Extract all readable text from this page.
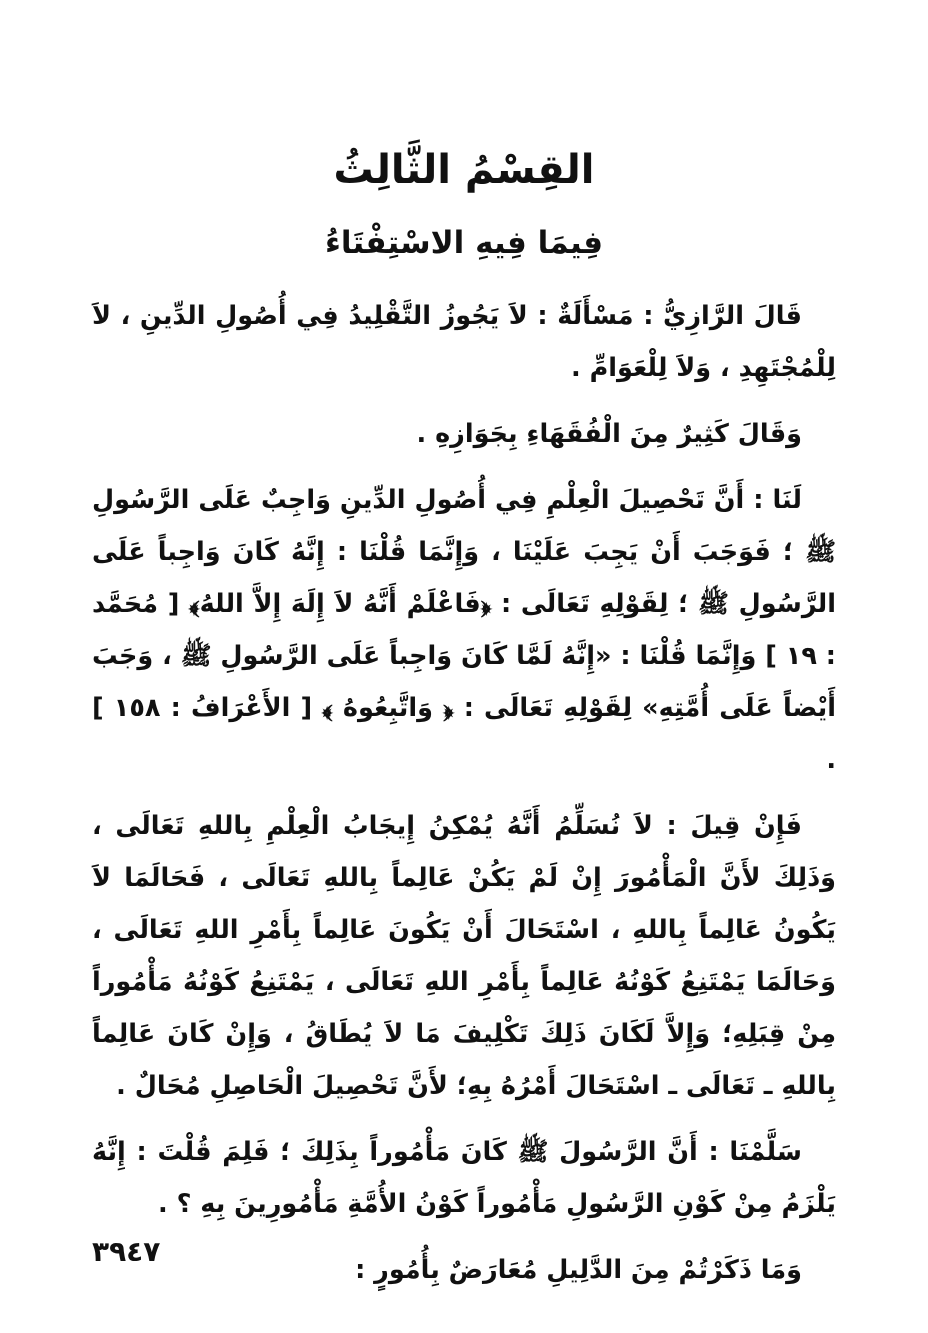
القِسْمُ الثَّالِثُ
فِيمَا فِيهِ الاسْتِفْتَاءُ

قَالَ الرَّازِيُّ : مَسْأَلَةٌ : لاَ يَجُوزُ التَّقْلِيدُ فِي أُصُولِ الدِّينِ ، لاَ لِلْمُجْتَهِدِ ، وَلاَ لِلْعَوَامِّ .

وَقَالَ كَثِيرٌ مِنَ الْفُقَهَاءِ بِجَوَازِهِ .

لَنَا : أَنَّ تَحْصِيلَ الْعِلْمِ فِي أُصُولِ الدِّينِ وَاجِبٌ عَلَى الرَّسُولِ ﷺ ؛ فَوَجَبَ أَنْ يَجِبَ عَلَيْنَا ، وَإِنَّمَا قُلْنَا : إِنَّهُ كَانَ وَاجِباً عَلَى الرَّسُولِ ﷺ ؛ لِقَوْلِهِ تَعَالَى : ﴿فَاعْلَمْ أَنَّهُ لاَ إِلَهَ إِلاَّ اللهُ﴾ [ مُحَمَّد : ١٩ ] وَإِنَّمَا قُلْنَا : «إِنَّهُ لَمَّا كَانَ وَاجِباً عَلَى الرَّسُولِ ﷺ ، وَجَبَ أَيْضاً عَلَى أُمَّتِهِ» لِقَوْلِهِ تَعَالَى : ﴿ وَاتَّبِعُوهُ ﴾ [ الأَعْرَافُ : ١٥٨ ] .

فَإِنْ قِيلَ : لاَ نُسَلِّمُ أَنَّهُ يُمْكِنُ إِيجَابُ الْعِلْمِ بِاللهِ تَعَالَى ، وَذَلِكَ لأَنَّ الْمَأْمُورَ إِنْ لَمْ يَكُنْ عَالِماً بِاللهِ تَعَالَى ، فَحَالَمَا لاَ يَكُونُ عَالِماً بِاللهِ ، اسْتَحَالَ أَنْ يَكُونَ عَالِماً بِأَمْرِ اللهِ تَعَالَى ، وَحَالَمَا يَمْتَنِعُ كَوْنُهُ عَالِماً بِأَمْرِ اللهِ تَعَالَى ، يَمْتَنِعُ كَوْنُهُ مَأْمُوراً مِنْ قِبَلِهِ؛ وَإِلاَّ لَكَانَ ذَلِكَ تَكْلِيفَ مَا لاَ يُطَاقُ ، وَإِنْ كَانَ عَالِماً بِاللهِ ـ تَعَالَى ـ اسْتَحَالَ أَمْرُهُ بِهِ؛ لأَنَّ تَحْصِيلَ الْحَاصِلِ مُحَالٌ .

سَلَّمْنَا : أَنَّ الرَّسُولَ ﷺ كَانَ مَأْمُوراً بِذَلِكَ ؛ فَلِمَ قُلْتَ : إِنَّهُ يَلْزَمُ مِنْ كَوْنِ الرَّسُولِ مَأْمُوراً كَوْنُ الأُمَّةِ مَأْمُورِينَ بِهِ ؟ .

وَمَا ذَكَرْتُمْ مِنَ الدَّلِيلِ مُعَارَضٌ بِأُمُورٍ :

٣٩٤٧
